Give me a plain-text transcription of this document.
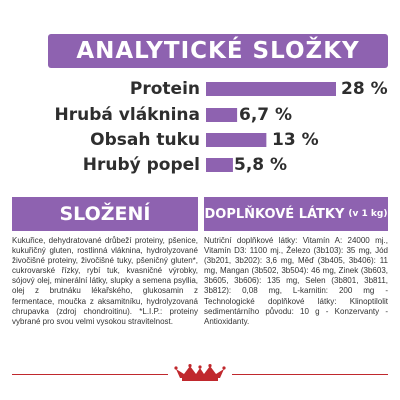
ANALYTICKÉ SLOŽKY
Protein
Hrubá vláknina
Obsah tuku
Hrubý popel
28 %
6,7 %
13 %
5,8 %
SLOŽENÍ	DOPLŇKOVÉ LÁTKY (v 1 kg)
Kukuřice, dehydratované drůbeží proteiny, pšenice, kukuřičný gluten, rostlinná vláknina, hydrolyzované živočišné proteiny, živočišné tuky, pšeničný gluten*, cukrovarské řízky, rybí tuk, kvasničné výrobky, sójový olej, minerální látky, slupky a semena psyllia, olej z brutnáku lékařského, glukosamin z fermentace, moučka z aksamitníku, hydrolyzovaná chrupavka (zdroj chondroitinu). *L.I.P.: proteiny vybrané pro svou velmi vysokou stravitelnost.
Nutriční doplňkové látky: Vitamín A: 24000 mj., Vitamín D3: 1100 mj., Železo (3b103): 35 mg, Jód (3b201, 3b202): 3,6 mg, Měď (3b405, 3b406): 11 mg, Mangan (3b502, 3b504): 46 mg, Zinek (3b603, 3b605, 3b606): 135 mg, Selen (3b801, 3b811, 3b812): 0,08 mg, L-karnitin: 200 mg - Technologické doplňkové látky: Klinoptilolit sedimentárního původu: 10 g - Konzervanty - Antioxidanty.
